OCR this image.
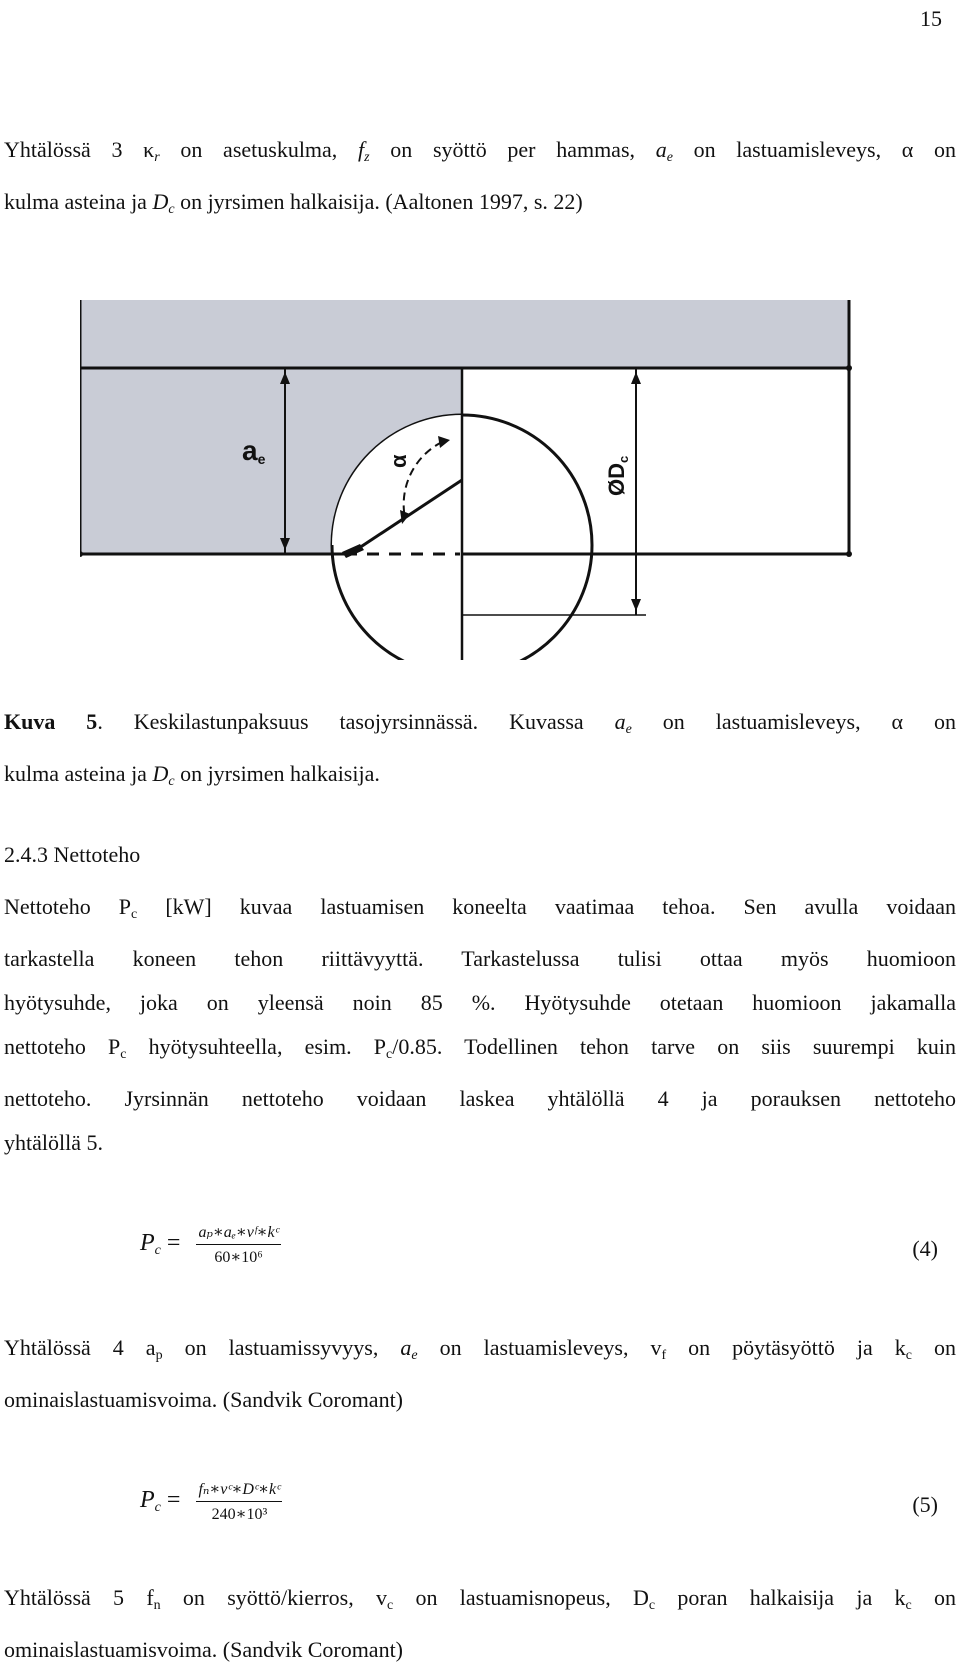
15
Yhtälössä 3 $\kappa_r$ on asetuskulma, $f_z$ on syöttö per hammas, $a_e$ on lastuamisleveys, α on
kulma asteina ja $D_c$ on jyrsimen halkaisija. (Aaltonen 1997, s. 22)
ae	α
ØDc
Kuva 5. Keskilastunpaksuus tasojyrsinnässä. Kuvassa $a_e$ on lastuamisleveys, α on
kulma asteina ja $D_c$ on jyrsimen halkaisija.
2.4.3 Nettoteho
Nettoteho $P_c$ [kW] kuvaa lastuamisen koneelta vaatimaa tehoa. Sen avulla voidaan
tarkastella koneen tehon riittävyyttä. Tarkastelussa tulisi ottaa myös huomioon
hyötysuhde, joka on yleensä noin 85 %. Hyötysuhde otetaan huomioon jakamalla
nettoteho $P_c$ hyötysuhteella, esim. $P_c/0.85$. Todellinen tehon tarve on siis suurempi kuin
nettoteho. Jyrsinnän nettoteho voidaan laskea yhtälöllä 4 ja porauksen nettoteho
yhtälöllä 5.
$P_c = \frac{\text{aₚ∗aₑ∗vᶠ∗kᶜ}}{\text{60∗10⁶}}$	(4)
Yhtälössä 4 $a_p$ on lastuamissyvyys, $a_e$ on lastuamisleveys, $v_f$ on pöytäsyöttö ja $k_c$ on
ominaislastuamisvoima. (Sandvik Coromant)
$P_c = \frac{\text{fₙ∗vᶜ∗Dᶜ∗kᶜ}}{\text{240∗10³}}$	(5)
Yhtälössä 5 $f_n$ on syöttö/kierros, $v_c$ on lastuamisnopeus, $D_c$ poran halkaisija ja $k_c$ on
ominaislastuamisvoima. (Sandvik Coromant)
